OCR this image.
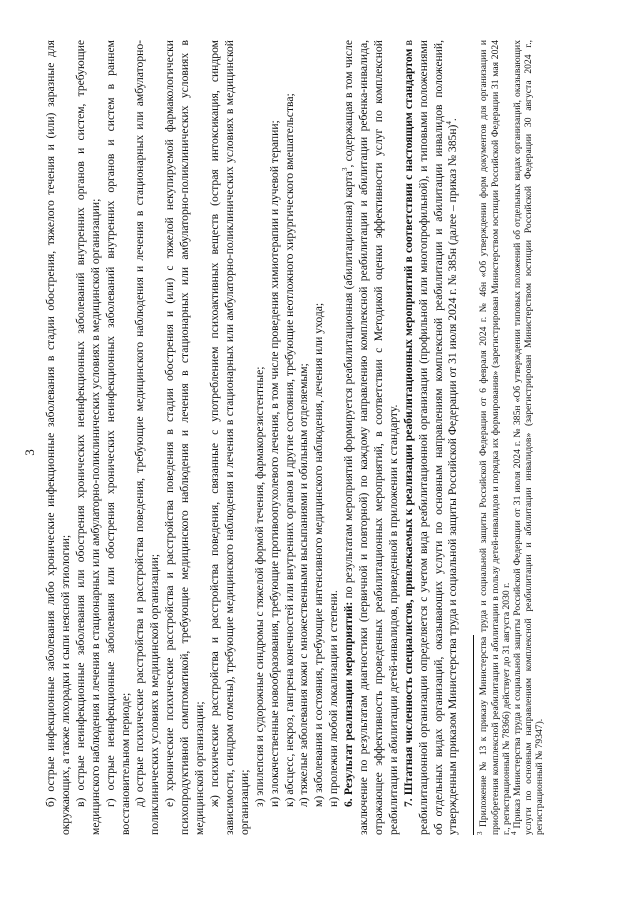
3 б) острые инфекционные заболевания либо хронические инфекционные заболевания в стадии обострения, тяжелого течения и (или) заразные для окружающих, а также лихорадки и сыпи неясной этиологии; в) острые неинфекционные заболевания или обострения хронических неинфекционных заболеваний внутренних органов и систем, требующие медицинского наблюдения и лечения в стационарных или амбулаторно-поликлинических условиях в медицинской организации; г) острые неинфекционные заболевания или обострения хронических неинфекционных заболеваний внутренних органов и систем в раннем восстановительном периоде; д) острые психические расстройства и расстройства поведения, требующие медицинского наблюдения и лечения в стационарных или амбулаторно-поликлинических условиях в медицинской организации; е) хронические психические расстройства и расстройства поведения в стадии обострения и (или) с тяжелой некупируемой фармакологически психопродуктивной симптоматикой, требующие медицинского наблюдения и лечения в стационарных или амбулаторно-поликлинических условиях в медицинской организации; ж) психические расстройства и расстройства поведения, связанные с употреблением психоактивных веществ (острая интоксикация, синдром зависимости, синдром отмены), требующие медицинского наблюдения и лечения в стационарных или амбулаторно-поликлинических условиях в медицинской организации; з) эпилепсия и судорожные синдромы с тяжелой формой течения, фармакорезистентные; и) злокачественные новообразования, требующие противоопухолевого лечения, в том числе проведения химиотерапии и лучевой терапии; к) абсцесс, некроз, гангрена конечностей или внутренних органов и другие состояния, требующие неотложного хирургического вмешательства; л) тяжелые заболевания кожи с множественными высыпаниями и обильным отделяемым; м) заболевания и состояния, требующие интенсивного медицинского наблюдения, лечения или ухода; н) пролежни любой локализации и степени. 6. Результат реализации мероприятий: по результатам мероприятий формируется реабилитационная (абилитационная) карта$^3$, содержащая в том числе заключение по результатам диагностики (первичной и повторной) по каждому направлению комплексной реабилитации и абилитации ребенка-инвалида, отражающее эффективность проведенных реабилитационных мероприятий, в соответствии с Методикой оценки эффективности услуг по комплексной реабилитации и абилитации детей-инвалидов, приведенной в приложении к стандарту. 7. Штатная численность специалистов, привлекаемых к реализации реабилитационных мероприятий в соответствии с настоящим стандартом в реабилитационной организации определяется с учетом вида реабилитационной организации (профильной или многопрофильной), и типовыми положениями об отдельных видах организаций, оказывающих услуги по основным направлениям комплексной реабилитации и абилитации инвалидов положений, утвержденным приказом Министерства труда и социальной защиты Российской Федерации от 31 июля 2024 г. № 385н (далее – приказ № 385н)$^4$.

$^3$ Приложение № 13 к приказу Министерства труда и социальной защиты Российской Федерации от 6 февраля 2024 г. № 46н «Об утверждении форм документов для организации и приобретения комплексной реабилитации и абилитации в пользу детей-инвалидов и порядка их формирования» (зарегистрирован Министерством юстиции Российской Федерации 31 мая 2024 г., регистрационный № 78366) действует до 31 августа 2030 г.

$^4$ Приказ Министерства труда и социальной защиты Российской Федерации от 31 июля 2024 г. № 385н «Об утверждении типовых положений об отдельных видах организаций, оказывающих услуги по основным направлениям комплексной реабилитации и абилитации инвалидов» (зарегистрирован Министерством юстиции Российской Федерации 30 августа 2024 г., регистрационный № 79347).
